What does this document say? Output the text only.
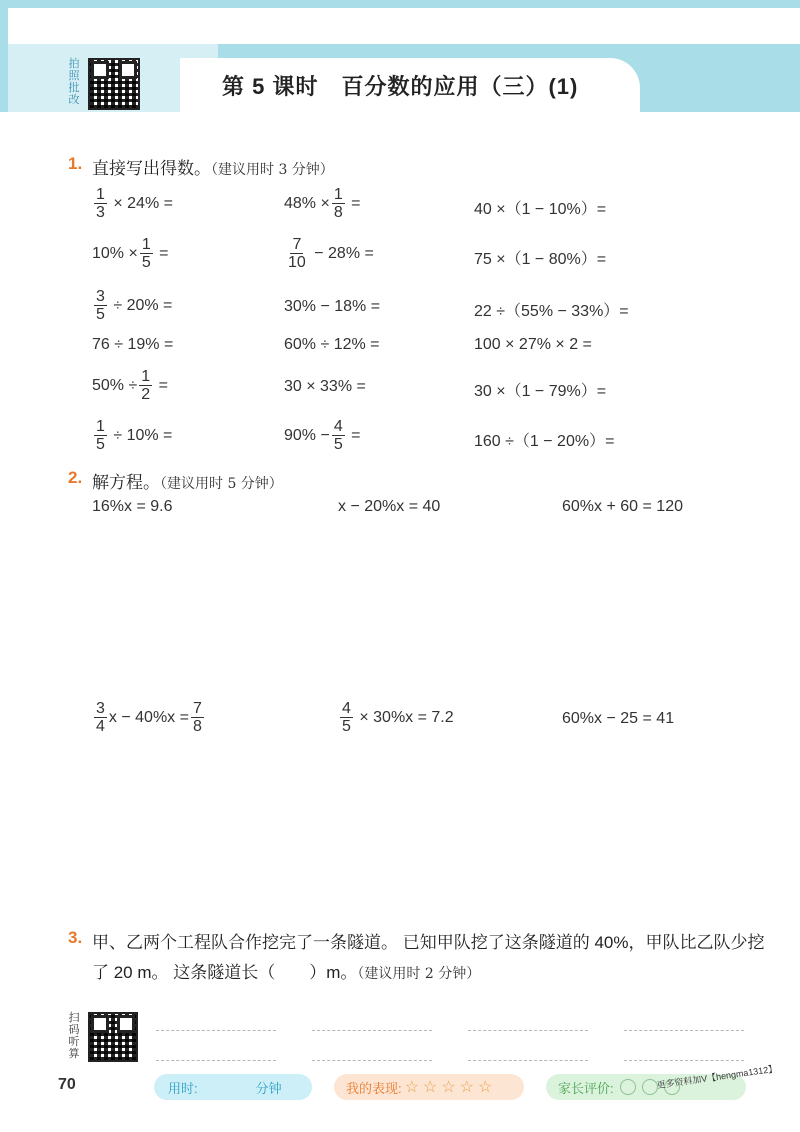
拍照批改
第 5 课时　百分数的应用（三）(1)
1. 直接写出得数。（建议用时 3 分钟）
$\frac{1}{3} \times 24\%$ =	$48\% \times \frac{1}{8}$ =	40 ×（1 − 10%）=
$10\% \times \frac{1}{5}$ =	$\frac{7}{10} - 28\%$ =	75 ×（1 − 80%）=
$\frac{3}{5} \div 20\%$ =	30% − 18% =	22 ÷（55% − 33%）=
76 ÷ 19% =	60% ÷ 12% =	100 × 27% × 2 =
$50\% \div \frac{1}{2}$ =	30 × 33% =	30 ×（1 − 79%）=
$\frac{1}{5} \div 10\%$ =	$90\% - \frac{4}{5}$ =	160 ÷（1 − 20%）=
2. 解方程。（建议用时 5 分钟）
16%x = 9.6	x − 20%x = 40	60%x + 60 = 120
$\frac{3}{4}$ $x - 40\%x = \frac{7}{8}$	$\frac{4}{5} \times 30\%x = 7.2$	60%x − 25 = 41
3. 甲、乙两个工程队合作挖完了一条隧道。 已知甲队挖了这条隧道的 40%，甲队比乙队少挖了 20 m。 这条隧道长（　　）m。（建议用时 2 分钟）
扫码听算
70	用时:	分钟	我的表现: ☆☆☆☆☆	家长评价:	更多资料加V【hengma1312】
